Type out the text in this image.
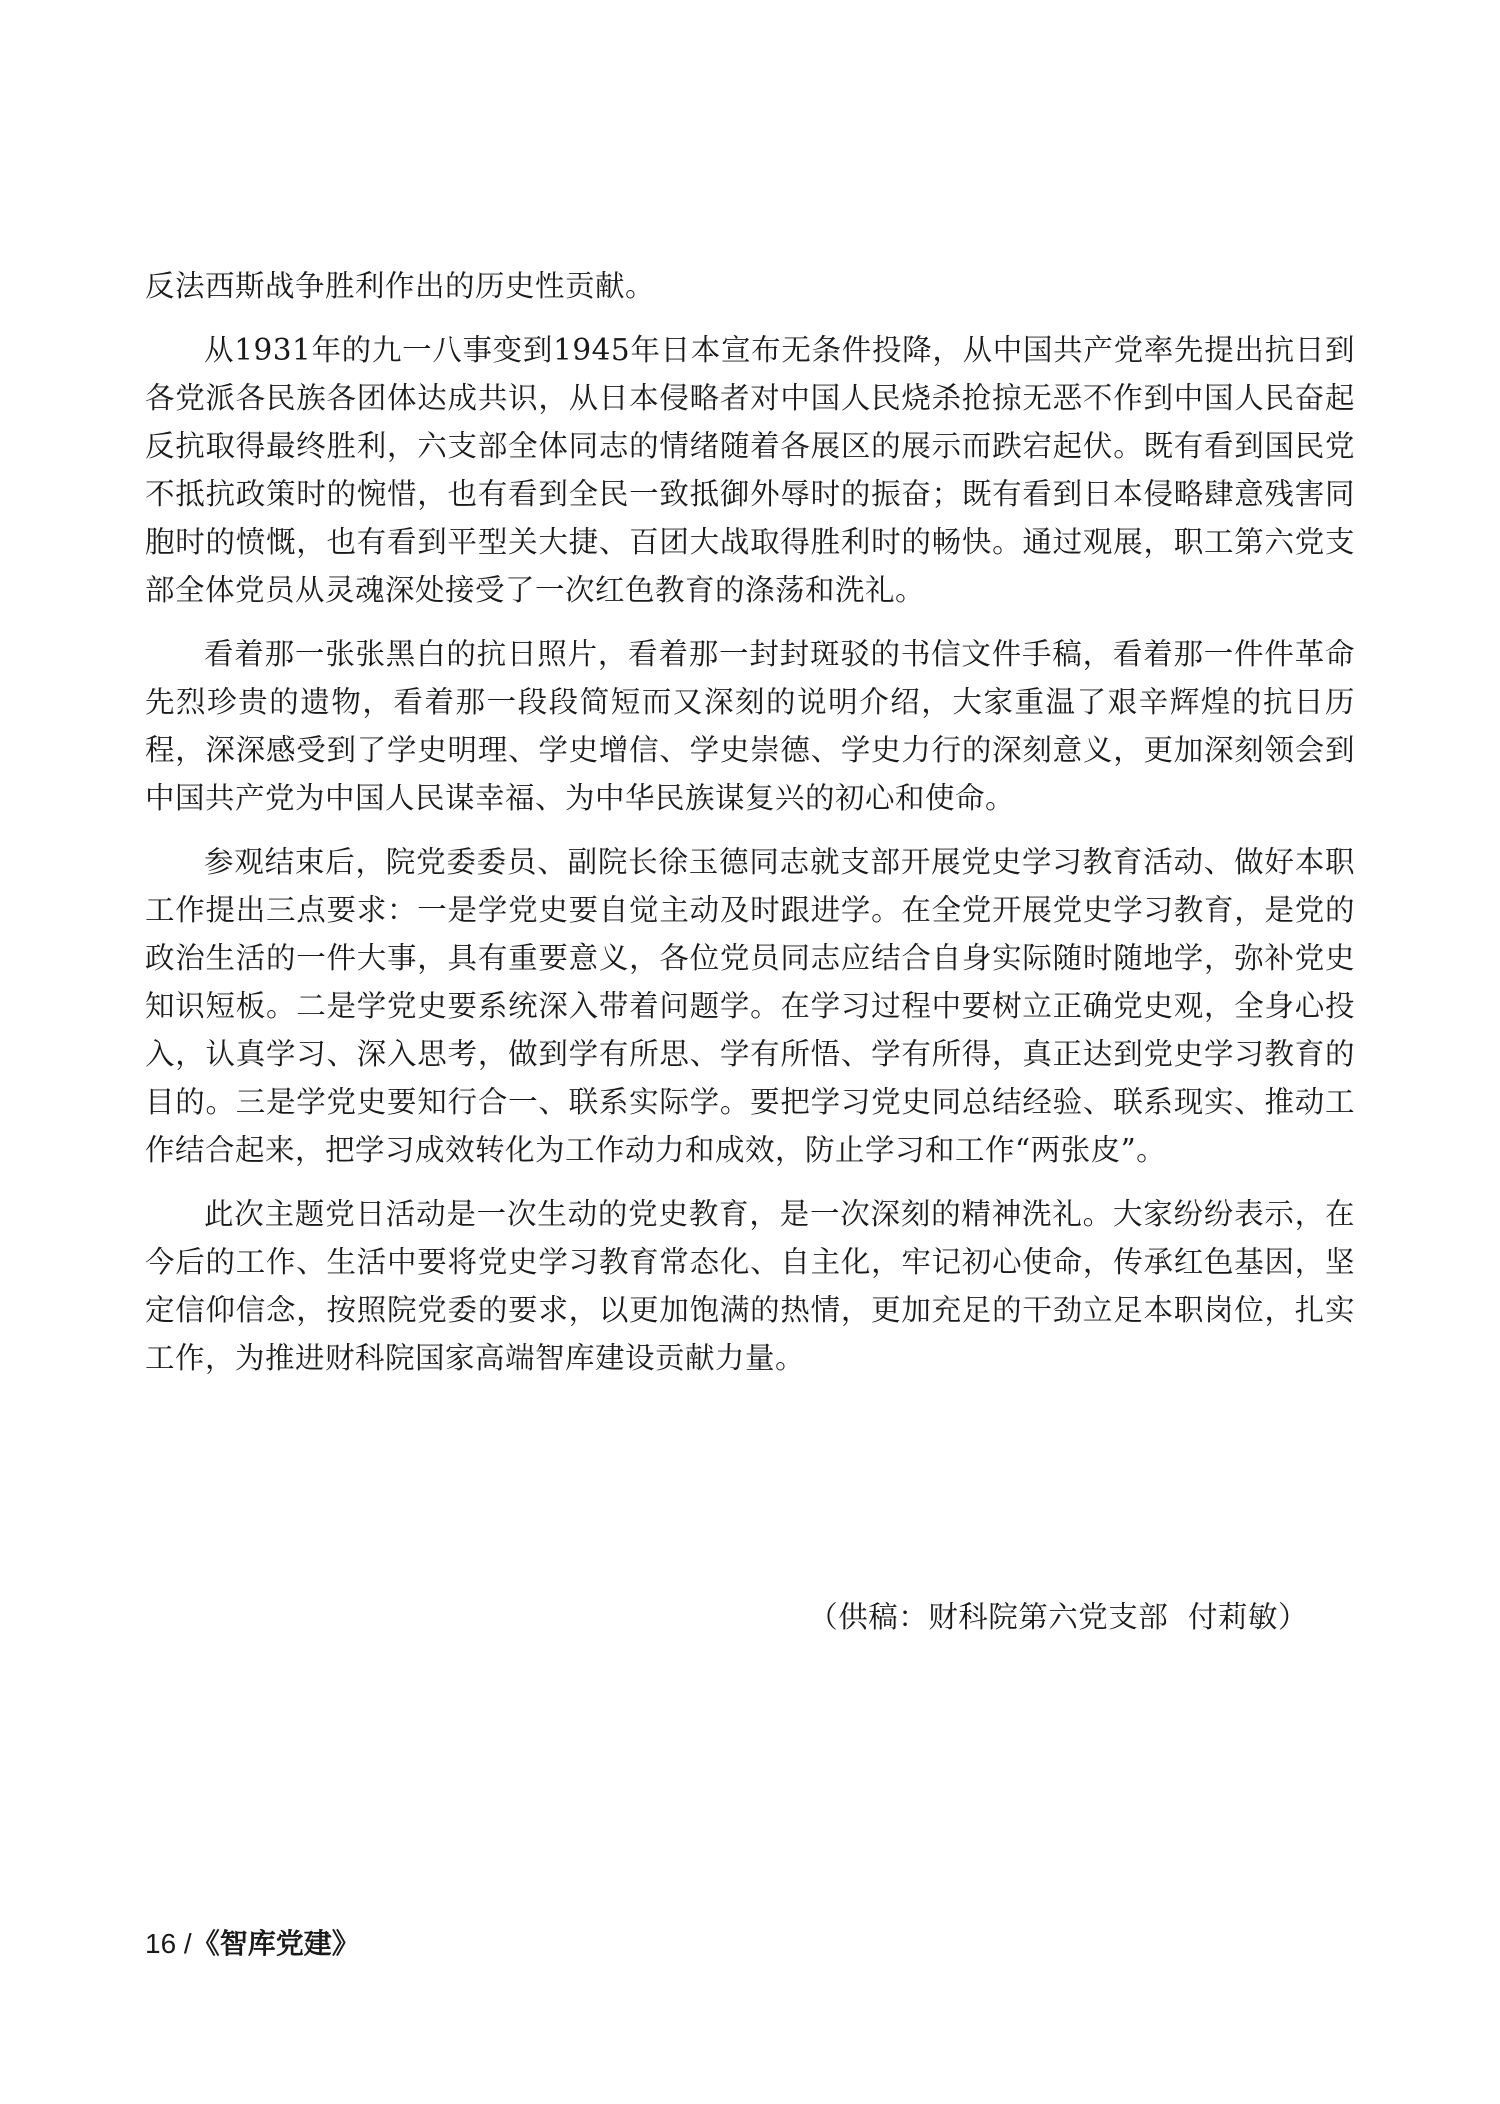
反法西斯战争胜利作出的历史性贡献。

从1931年的九一八事变到1945年日本宣布无条件投降，从中国共产党率先提出抗日到各党派各民族各团体达成共识，从日本侵略者对中国人民烧杀抢掠无恶不作到中国人民奋起反抗取得最终胜利，六支部全体同志的情绪随着各展区的展示而跌宕起伏。既有看到国民党不抵抗政策时的惋惜，也有看到全民一致抵御外辱时的振奋；既有看到日本侵略肆意残害同胞时的愤慨，也有看到平型关大捷、百团大战取得胜利时的畅快。通过观展，职工第六党支部全体党员从灵魂深处接受了一次红色教育的涤荡和洗礼。

看着那一张张黑白的抗日照片，看着那一封封斑驳的书信文件手稿，看着那一件件革命先烈珍贵的遗物，看着那一段段简短而又深刻的说明介绍，大家重温了艰辛辉煌的抗日历程，深深感受到了学史明理、学史增信、学史崇德、学史力行的深刻意义，更加深刻领会到中国共产党为中国人民谋幸福、为中华民族谋复兴的初心和使命。

参观结束后，院党委委员、副院长徐玉德同志就支部开展党史学习教育活动、做好本职工作提出三点要求：一是学党史要自觉主动及时跟进学。在全党开展党史学习教育，是党的政治生活的一件大事，具有重要意义，各位党员同志应结合自身实际随时随地学，弥补党史知识短板。二是学党史要系统深入带着问题学。在学习过程中要树立正确党史观，全身心投入，认真学习、深入思考，做到学有所思、学有所悟、学有所得，真正达到党史学习教育的目的。三是学党史要知行合一、联系实际学。要把学习党史同总结经验、联系现实、推动工作结合起来，把学习成效转化为工作动力和成效，防止学习和工作“两张皮”。

此次主题党日活动是一次生动的党史教育，是一次深刻的精神洗礼。大家纷纷表示，在今后的工作、生活中要将党史学习教育常态化、自主化，牢记初心使命，传承红色基因，坚定信仰信念，按照院党委的要求，以更加饱满的热情，更加充足的干劲立足本职岗位，扎实工作，为推进财科院国家高端智库建设贡献力量。

（供稿：财科院第六党支部  付莉敏）
16 /《智库党建》
